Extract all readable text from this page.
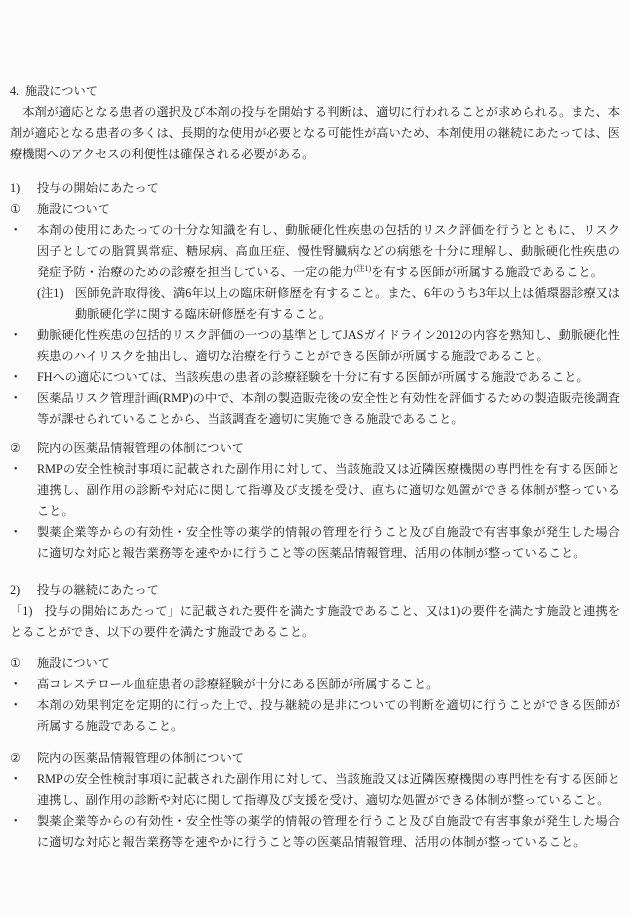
4. 施設について

本剤が適応となる患者の選択及び本剤の投与を開始する判断は、適切に行われることが求められる。また、本剤が適応となる患者の多くは、長期的な使用が必要となる可能性が高いため、本剤使用の継続にあたっては、医療機関へのアクセスの利便性は確保される必要がある。

1)	投与の開始にあたって
①	施設について
•	本剤の使用にあたっての十分な知識を有し、動脈硬化性疾患の包括的リスク評価を行うとともに、リスク因子としての脂質異常症、糖尿病、高血圧症、慢性腎臓病などの病態を十分に理解し、動脈硬化性疾患の発症予防・治療のための診療を担当している、一定の能力$^{(注1)}$を有する医師が所属する施設であること。
(注1) 医師免許取得後、満6年以上の臨床研修歴を有すること。また、6年のうち3年以上は循環器診療又は動脈硬化学に関する臨床研修歴を有すること。
•	動脈硬化性疾患の包括的リスク評価の一つの基準としてJASガイドライン2012の内容を熟知し、動脈硬化性疾患のハイリスクを抽出し、適切な治療を行うことができる医師が所属する施設であること。
•	FHへの適応については、当該疾患の患者の診療経験を十分に有する医師が所属する施設であること。
•	医薬品リスク管理計画(RMP)の中で、本剤の製造販売後の安全性と有効性を評価するための製造販売後調査等が課せられていることから、当該調査を適切に実施できる施設であること。
②	院内の医薬品情報管理の体制について
•	RMPの安全性検討事項に記載された副作用に対して、当該施設又は近隣医療機関の専門性を有する医師と連携し、副作用の診断や対応に関して指導及び支援を受け、直ちに適切な処置ができる体制が整っていること。
•	製薬企業等からの有効性・安全性等の薬学的情報の管理を行うこと及び自施設で有害事象が発生した場合に適切な対応と報告業務等を速やかに行うこと等の医薬品情報管理、活用の体制が整っていること。
2)	投与の継続にあたって

「1)　投与の開始にあたって」に記載された要件を満たす施設であること、又は1)の要件を満たす施設と連携をとることができ、以下の要件を満たす施設であること。

①	施設について
•	高コレステロール血症患者の診療経験が十分にある医師が所属すること。
•	本剤の効果判定を定期的に行った上で、投与継続の是非についての判断を適切に行うことができる医師が所属する施設であること。
②	院内の医薬品情報管理の体制について
•	RMPの安全性検討事項に記載された副作用に対して、当該施設又は近隣医療機関の専門性を有する医師と連携し、副作用の診断や対応に関して指導及び支援を受け、適切な処置ができる体制が整っていること。
•	製薬企業等からの有効性・安全性等の薬学的情報の管理を行うこと及び自施設で有害事象が発生した場合に適切な対応と報告業務等を速やかに行うこと等の医薬品情報管理、活用の体制が整っていること。
